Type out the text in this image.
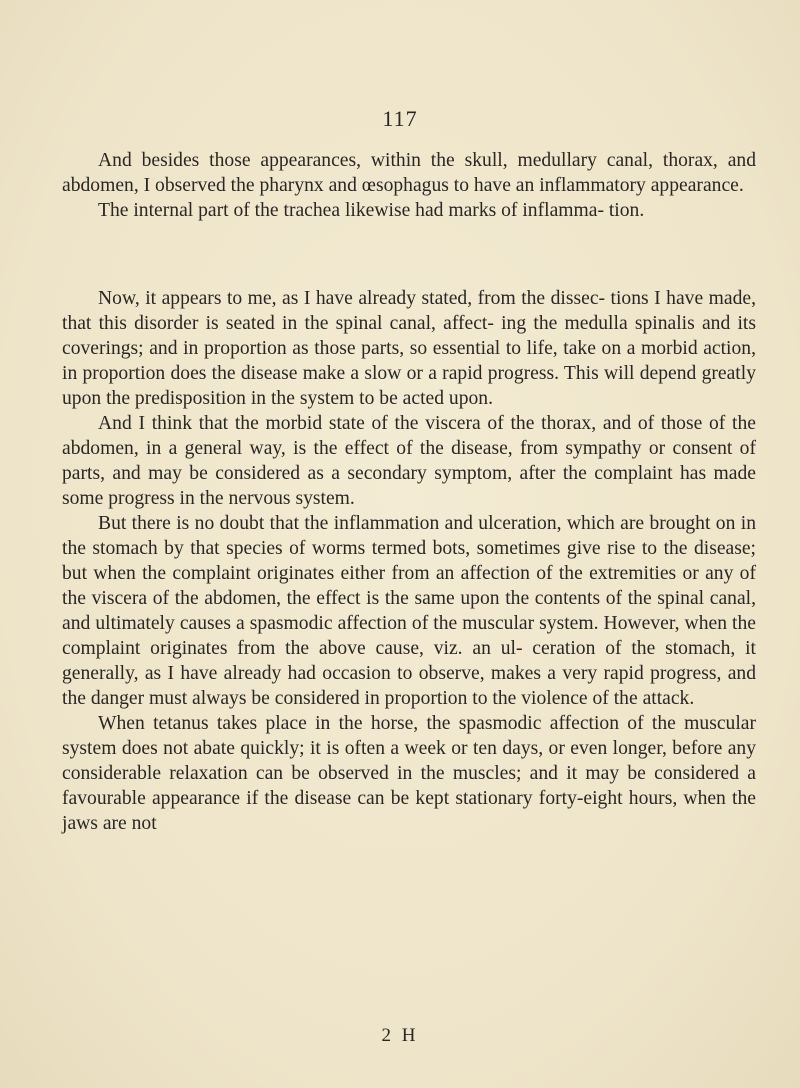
117

And besides those appearances, within the skull, medullary canal, thorax, and abdomen, I observed the pharynx and œsophagus to have an inflammatory appearance.

The internal part of the trachea likewise had marks of inflamma- tion.

Now, it appears to me, as I have already stated, from the dissec- tions I have made, that this disorder is seated in the spinal canal, affect- ing the medulla spinalis and its coverings; and in proportion as those parts, so essential to life, take on a morbid action, in proportion does the disease make a slow or a rapid progress. This will depend greatly upon the predisposition in the system to be acted upon.

And I think that the morbid state of the viscera of the thorax, and of those of the abdomen, in a general way, is the effect of the disease, from sympathy or consent of parts, and may be considered as a secondary symptom, after the complaint has made some progress in the nervous system.

But there is no doubt that the inflammation and ulceration, which are brought on in the stomach by that species of worms termed bots, sometimes give rise to the disease; but when the complaint originates either from an affection of the extremities or any of the viscera of the abdomen, the effect is the same upon the contents of the spinal canal, and ultimately causes a spasmodic affection of the muscular system. However, when the complaint originates from the above cause, viz. an ul- ceration of the stomach, it generally, as I have already had occasion to observe, makes a very rapid progress, and the danger must always be considered in proportion to the violence of the attack.

When tetanus takes place in the horse, the spasmodic affection of the muscular system does not abate quickly; it is often a week or ten days, or even longer, before any considerable relaxation can be observed in the muscles; and it may be considered a favourable appearance if the disease can be kept stationary forty-eight hours, when the jaws are not

2 H
